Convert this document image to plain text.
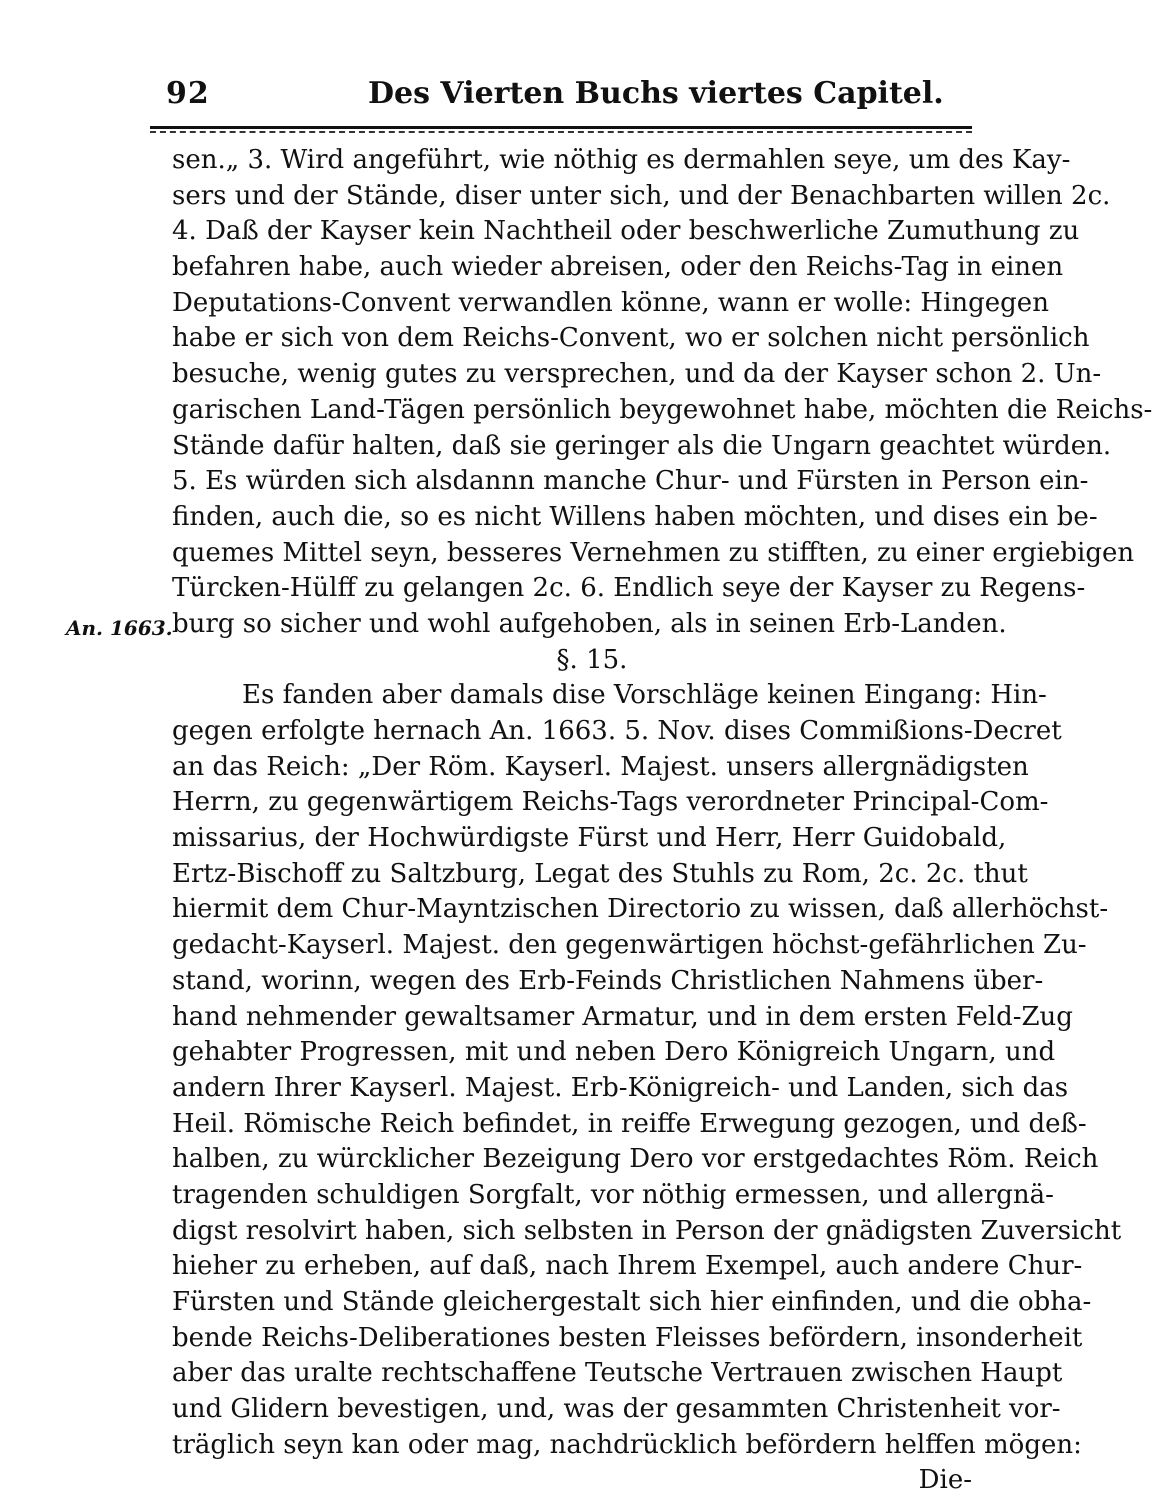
92	Des Vierten Buchs viertes Capitel.
An. 1663.
sen.„ 3. Wird angeführt, wie nöthig es dermahlen seye, um des Kay-
sers und der Stände, diser unter sich, und der Benachbarten willen 2c.
4. Daß der Kayser kein Nachtheil oder beschwerliche Zumuthung zu
befahren habe, auch wieder abreisen, oder den Reichs-Tag in einen
Deputations-Convent verwandlen könne, wann er wolle: Hingegen
habe er sich von dem Reichs-Convent, wo er solchen nicht persönlich
besuche, wenig gutes zu versprechen, und da der Kayser schon 2. Un-
garischen Land-Tägen persönlich beygewohnet habe, möchten die Reichs-
Stände dafür halten, daß sie geringer als die Ungarn geachtet würden.
5. Es würden sich alsdannn manche Chur- und Fürsten in Person ein-
finden, auch die, so es nicht Willens haben möchten, und dises ein be-
quemes Mittel seyn, besseres Vernehmen zu stifften, zu einer ergiebigen
Türcken-Hülff zu gelangen 2c. 6. Endlich seye der Kayser zu Regens-
burg so sicher und wohl aufgehoben, als in seinen Erb-Landen.
§. 15.
Es fanden aber damals dise Vorschläge keinen Eingang: Hin-
gegen erfolgte hernach An. 1663. 5. Nov. dises Commißions-Decret
an das Reich: „Der Röm. Kayserl. Majest. unsers allergnädigsten
Herrn, zu gegenwärtigem Reichs-Tags verordneter Principal-Com-
missarius, der Hochwürdigste Fürst und Herr, Herr Guidobald,
Ertz-Bischoff zu Saltzburg, Legat des Stuhls zu Rom, 2c. 2c. thut
hiermit dem Chur-Mayntzischen Directorio zu wissen, daß allerhöchst-
gedacht-Kayserl. Majest. den gegenwärtigen höchst-gefährlichen Zu-
stand, worinn, wegen des Erb-Feinds Christlichen Nahmens über-
hand nehmender gewaltsamer Armatur, und in dem ersten Feld-Zug
gehabter Progressen, mit und neben Dero Königreich Ungarn, und
andern Ihrer Kayserl. Majest. Erb-Königreich- und Landen, sich das
Heil. Römische Reich befindet, in reiffe Erwegung gezogen, und deß-
halben, zu würcklicher Bezeigung Dero vor erstgedachtes Röm. Reich
tragenden schuldigen Sorgfalt, vor nöthig ermessen, und allergnä-
digst resolvirt haben, sich selbsten in Person der gnädigsten Zuversicht
hieher zu erheben, auf daß, nach Ihrem Exempel, auch andere Chur-
Fürsten und Stände gleichergestalt sich hier einfinden, und die obha-
bende Reichs-Deliberationes besten Fleisses befördern, insonderheit
aber das uralte rechtschaffene Teutsche Vertrauen zwischen Haupt
und Glidern bevestigen, und, was der gesammten Christenheit vor-
träglich seyn kan oder mag, nachdrücklich befördern helffen mögen:
Die-
